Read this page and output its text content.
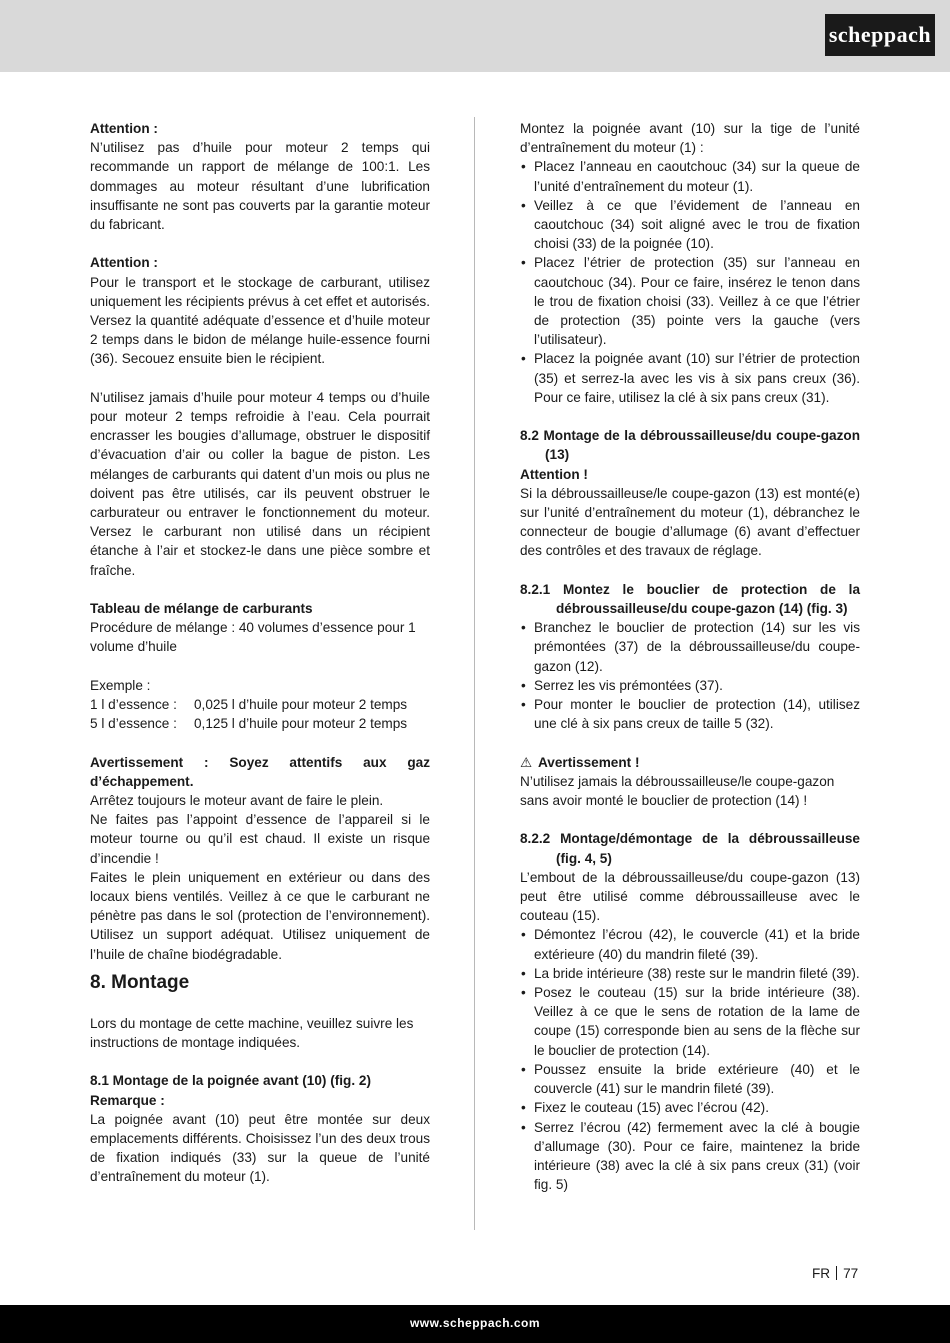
scheppach

Attention :

N’utilisez pas d’huile pour moteur 2 temps qui recommande un rapport de mélange de 100:1. Les dommages au moteur résultant d’une lubrification insuffisante ne sont pas couverts par la garantie moteur du fabricant.

Attention :

Pour le transport et le stockage de carburant, utilisez uniquement les récipients prévus à cet effet et autorisés. Versez la quantité adéquate d’essence et d’huile moteur 2 temps dans le bidon de mélange huile-essence fourni (36). Secouez ensuite bien le récipient.

N’utilisez jamais d’huile pour moteur 4 temps ou d’huile pour moteur 2 temps refroidie à l’eau. Cela pourrait encrasser les bougies d’allumage, obstruer le dispositif d’évacuation d’air ou coller la bague de piston. Les mélanges de carburants qui datent d’un mois ou plus ne doivent pas être utilisés, car ils peuvent obstruer le carburateur ou entraver le fonctionnement du moteur. Versez le carburant non utilisé dans un récipient étanche à l’air et stockez-le dans une pièce sombre et fraîche.

Tableau de mélange de carburants

Procédure de mélange : 40 volumes d’essence pour 1 volume d’huile

Exemple :

1 l d’essence :	0,025 l d’huile pour moteur 2 temps
5 l d’essence :	0,125 l d’huile pour moteur 2 temps

Avertissement : Soyez attentifs aux gaz d’échappement.

Arrêtez toujours le moteur avant de faire le plein.

Ne faites pas l’appoint d’essence de l’appareil si le moteur tourne ou qu’il est chaud. Il existe un risque d’incendie !

Faites le plein uniquement en extérieur ou dans des locaux biens ventilés. Veillez à ce que le carburant ne pénètre pas dans le sol (protection de l’environnement). Utilisez un support adéquat. Utilisez uniquement de l’huile de chaîne biodégradable.

8. Montage

Lors du montage de cette machine, veuillez suivre les instructions de montage indiquées.

8.1 Montage de la poignée avant (10) (fig. 2)

Remarque :

La poignée avant (10) peut être montée sur deux emplacements différents. Choisissez l’un des deux trous de fixation indiqués (33) sur la queue de l’unité d’entraînement du moteur (1).

Montez la poignée avant (10) sur la tige de l’unité d’entraînement du moteur (1) :

• Placez l’anneau en caoutchouc (34) sur la queue de l’unité d’entraînement du moteur (1).
• Veillez à ce que l’évidement de l’anneau en caoutchouc (34) soit aligné avec le trou de fixation choisi (33) de la poignée (10).
• Placez l’étrier de protection (35) sur l’anneau en caoutchouc (34). Pour ce faire, insérez le tenon dans le trou de fixation choisi (33). Veillez à ce que l’étrier de protection (35) pointe vers la gauche (vers l’utilisateur).
• Placez la poignée avant (10) sur l’étrier de protection (35) et serrez-la avec les vis à six pans creux (36). Pour ce faire, utilisez la clé à six pans creux (31).

8.2 Montage de la débroussailleuse/du coupe-gazon (13)

Attention !

Si la débroussailleuse/le coupe-gazon (13) est monté(e) sur l’unité d’entraînement du moteur (1), débranchez le connecteur de bougie d’allumage (6) avant d’effectuer des contrôles et des travaux de réglage.

8.2.1 Montez le bouclier de protection de la débroussailleuse/du coupe-gazon (14) (fig. 3)

• Branchez le bouclier de protection (14) sur les vis prémontées (37) de la débroussailleuse/du coupe-gazon (12).
• Serrez les vis prémontées (37).
• Pour monter le bouclier de protection (14), utilisez une clé à six pans creux de taille 5 (32).

⚠ Avertissement !

N’utilisez jamais la débroussailleuse/le coupe-gazon sans avoir monté le bouclier de protection (14) !

8.2.2 Montage/démontage de la débroussailleuse (fig. 4, 5)

L’embout de la débroussailleuse/du coupe-gazon (13) peut être utilisé comme débroussailleuse avec le couteau (15).

• Démontez l’écrou (42), le couvercle (41) et la bride extérieure (40) du mandrin fileté (39).
• La bride intérieure (38) reste sur le mandrin fileté (39).
• Posez le couteau (15) sur la bride intérieure (38). Veillez à ce que le sens de rotation de la lame de coupe (15) corresponde bien au sens de la flèche sur le bouclier de protection (14).
• Poussez ensuite la bride extérieure (40) et le couvercle (41) sur le mandrin fileté (39).
• Fixez le couteau (15) avec l’écrou (42).
• Serrez l’écrou (42) fermement avec la clé à bougie d’allumage (30). Pour ce faire, maintenez la bride intérieure (38) avec la clé à six pans creux (31) (voir fig. 5)
FR 77
www.scheppach.com
